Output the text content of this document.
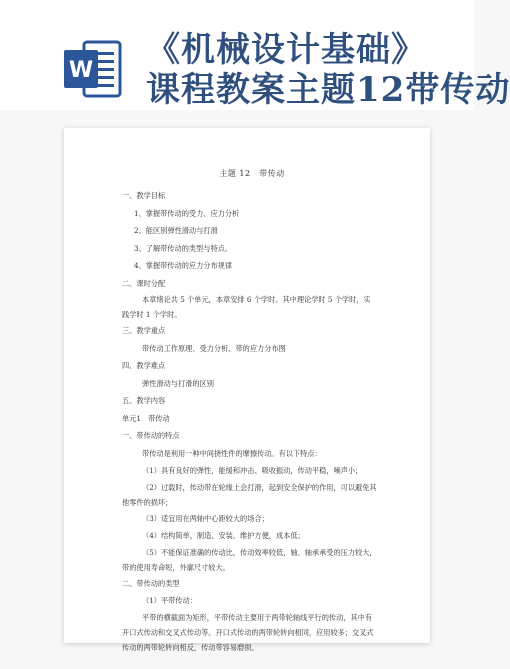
W
《机械设计基础》
课程教案主题12带传动
主题 12　带传动
一、教学目标
1、掌握带传动的受力、应力分析
2、能区别弹性滑动与打滑
3、了解带传动的类型与特点。
4、掌握带传动的应力分布规律
二、课时分配
本章绪论共 5 个单元，本章安排 6 个学时。其中理论学时 5 个学时，实
践学时 1 个学时。
三、教学重点
带传动工作原理、受力分析、带的应力分布图
四、教学难点
弹性滑动与打滑的区别
五、教学内容
单元1　带传动
一、带传动的特点
带传动是利用一种中间挠性件的摩擦传动。有以下特点：
（1）具有良好的弹性，能缓和冲击、吸收振动，传动平稳，噪声小；
（2）过载时，传动带在轮缘上会打滑，起到安全保护的作用，可以避免其
他零件的损坏；
（3）适宜用在两轴中心距较大的场合；
（4）结构简单，制造、安装、维护方便，成本低；
（5）不能保证准确的传动比，传动效率较低，轴、轴承承受的压力较大，
带的使用寿命短，外廓尺寸较大。
二、带传动的类型
（1）平带传动：
平带的横截面为矩形，平带传动主要用于两带轮轴线平行的传动，其中有
开口式传动和交叉式传动等。开口式传动的两带轮转向相同，应用较多；交叉式
传动的两带轮转向相反，传动带容易磨损。
